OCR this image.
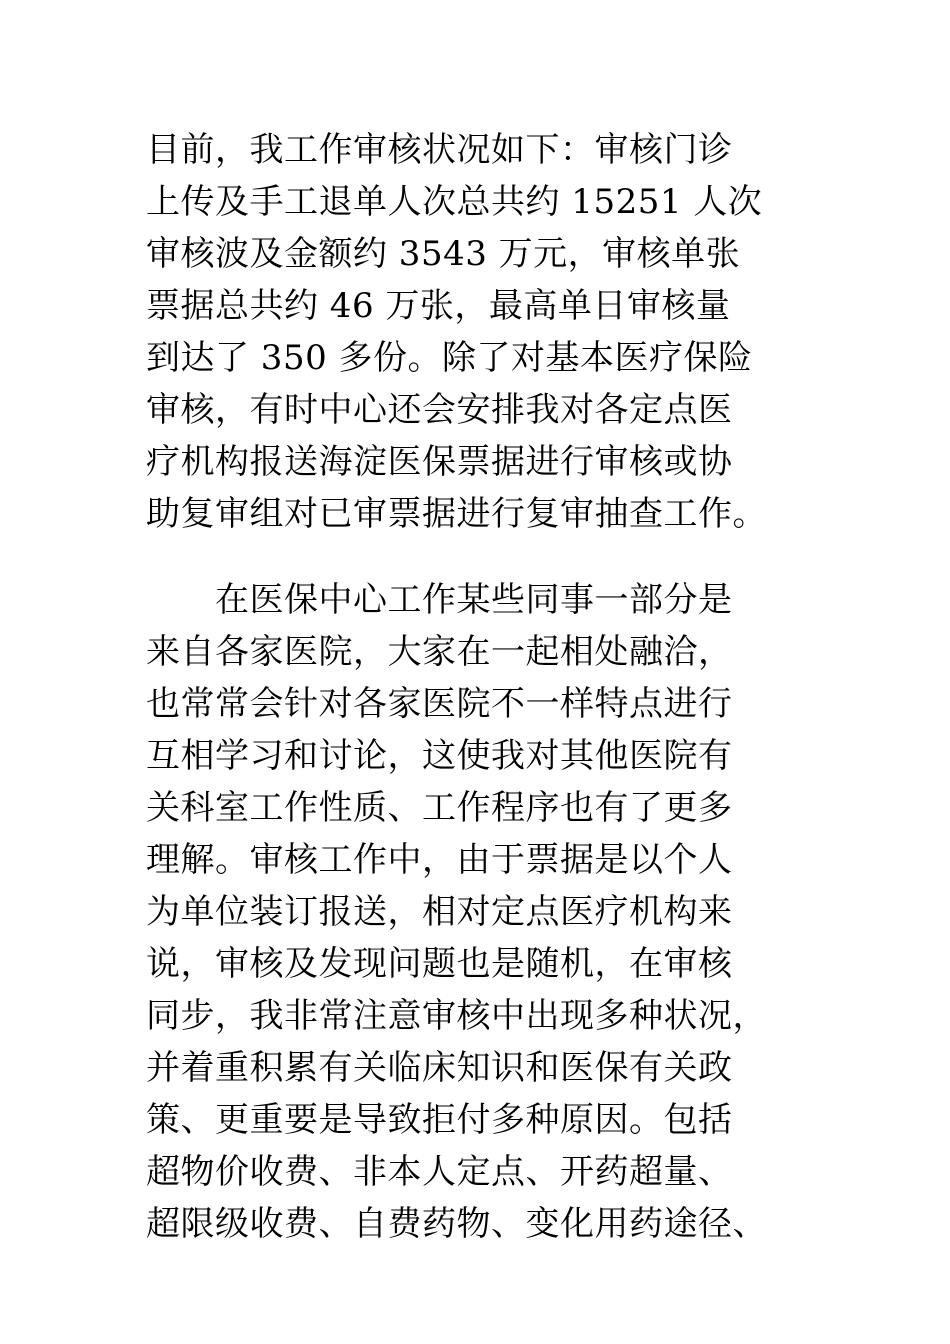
目前，我工作审核状况如下：审核门诊
上传及手工退单人次总共约 15251 人次
审核波及金额约 3543 万元，审核单张
票据总共约 46 万张，最高单日审核量
到达了 350 多份。除了对基本医疗保险
审核，有时中心还会安排我对各定点医
疗机构报送海淀医保票据进行审核或协
助复审组对已审票据进行复审抽查工作。
　　在医保中心工作某些同事一部分是
来自各家医院，大家在一起相处融洽，
也常常会针对各家医院不一样特点进行
互相学习和讨论，这使我对其他医院有
关科室工作性质、工作程序也有了更多
理解。审核工作中，由于票据是以个人
为单位装订报送，相对定点医疗机构来
说，审核及发现问题也是随机，在审核
同步，我非常注意审核中出现多种状况，
并着重积累有关临床知识和医保有关政
策、更重要是导致拒付多种原因。包括
超物价收费、非本人定点、开药超量、
超限级收费、自费药物、变化用药途径、
